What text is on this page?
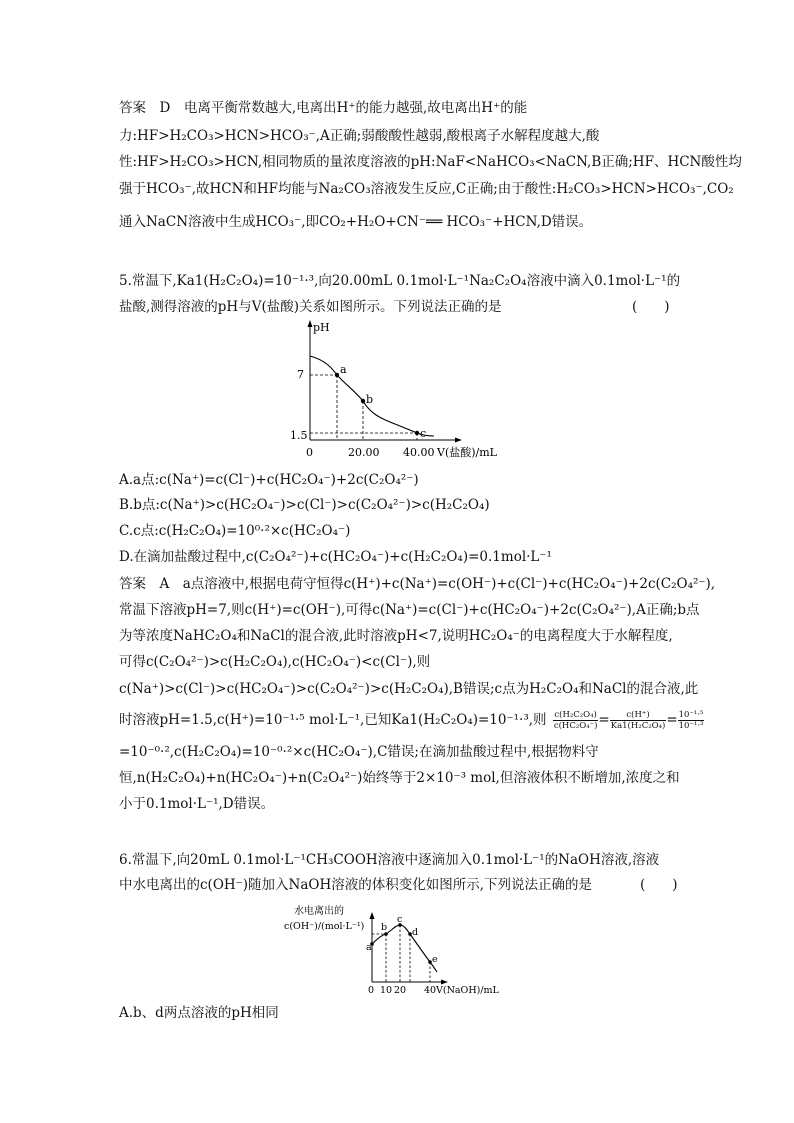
答案　D　电离平衡常数越大,电离出H⁺的能力越强,故电离出H⁺的能
力:HF>H₂CO₃>HCN>HCO₃⁻,A正确;弱酸酸性越弱,酸根离子水解程度越大,酸
性:HF>H₂CO₃>HCN,相同物质的量浓度溶液的pH:NaF<NaHCO₃<NaCN,B正确;HF、HCN酸性均
强于HCO₃⁻,故HCN和HF均能与Na₂CO₃溶液发生反应,C正确;由于酸性:H₂CO₃>HCN>HCO₃⁻,CO₂
通入NaCN溶液中生成HCO₃⁻,即CO₂+H₂O+CN⁻══ HCO₃⁻+HCN,D错误。
5.常温下,Ka1(H₂C₂O₄)=10⁻¹·³,向20.00mL 0.1mol·L⁻¹Na₂C₂O₄溶液中滴入0.1mol·L⁻¹的
盐酸,测得溶液的pH与V(盐酸)关系如图所示。下列说法正确的是	(　　)
pH
7
1.5
0	20.00 40.00 V(盐酸)/mL
a
b
c
A.a点:c(Na⁺)=c(Cl⁻)+c(HC₂O₄⁻)+2c(C₂O₄²⁻)
B.b点:c(Na⁺)>c(HC₂O₄⁻)>c(Cl⁻)>c(C₂O₄²⁻)>c(H₂C₂O₄)
C.c点:c(H₂C₂O₄)=10⁰·²×c(HC₂O₄⁻)
D.在滴加盐酸过程中,c(C₂O₄²⁻)+c(HC₂O₄⁻)+c(H₂C₂O₄)=0.1mol·L⁻¹
答案　A　a点溶液中,根据电荷守恒得c(H⁺)+c(Na⁺)=c(OH⁻)+c(Cl⁻)+c(HC₂O₄⁻)+2c(C₂O₄²⁻),
常温下溶液pH=7,则c(H⁺)=c(OH⁻),可得c(Na⁺)=c(Cl⁻)+c(HC₂O₄⁻)+2c(C₂O₄²⁻),A正确;b点
为等浓度NaHC₂O₄和NaCl的混合液,此时溶液pH<7,说明HC₂O₄⁻的电离程度大于水解程度,
可得c(C₂O₄²⁻)>c(H₂C₂O₄),c(HC₂O₄⁻)<c(Cl⁻),则
c(Na⁺)>c(Cl⁻)>c(HC₂O₄⁻)>c(C₂O₄²⁻)>c(H₂C₂O₄),B错误;c点为H₂C₂O₄和NaCl的混合液,此
时溶液pH=1.5,c(H⁺)=10⁻¹·⁵ mol·L⁻¹,已知Ka1(H₂C₂O₄)=10⁻¹·³,则 $\frac{\text{c(H₂C₂O₄)}}{\text{c(HC₂O₄⁻)}} = \frac{c(H^+)}{\text{Ka1(H₂C₂O₄)}} = \frac{\text{10⁻¹·⁵}}{\text{10⁻¹·³}}$
=10⁻⁰·²,c(H₂C₂O₄)=10⁻⁰·²×c(HC₂O₄⁻),C错误;在滴加盐酸过程中,根据物料守
恒,n(H₂C₂O₄)+n(HC₂O₄⁻)+n(C₂O₄²⁻)始终等于2×10⁻³ mol,但溶液体积不断增加,浓度之和
小于0.1mol·L⁻¹,D错误。
6.常温下,向20mL 0.1mol·L⁻¹CH₃COOH溶液中逐滴加入0.1mol·L⁻¹的NaOH溶液,溶液
中水电离出的c(OH⁻)随加入NaOH溶液的体积变化如图所示,下列说法正确的是	(　　)
水电离出的
c(OH⁻)/(mol·L⁻¹)
a
b
c
d
e
0 10 20 40 V(NaOH)/mL
A.b、d两点溶液的pH相同
